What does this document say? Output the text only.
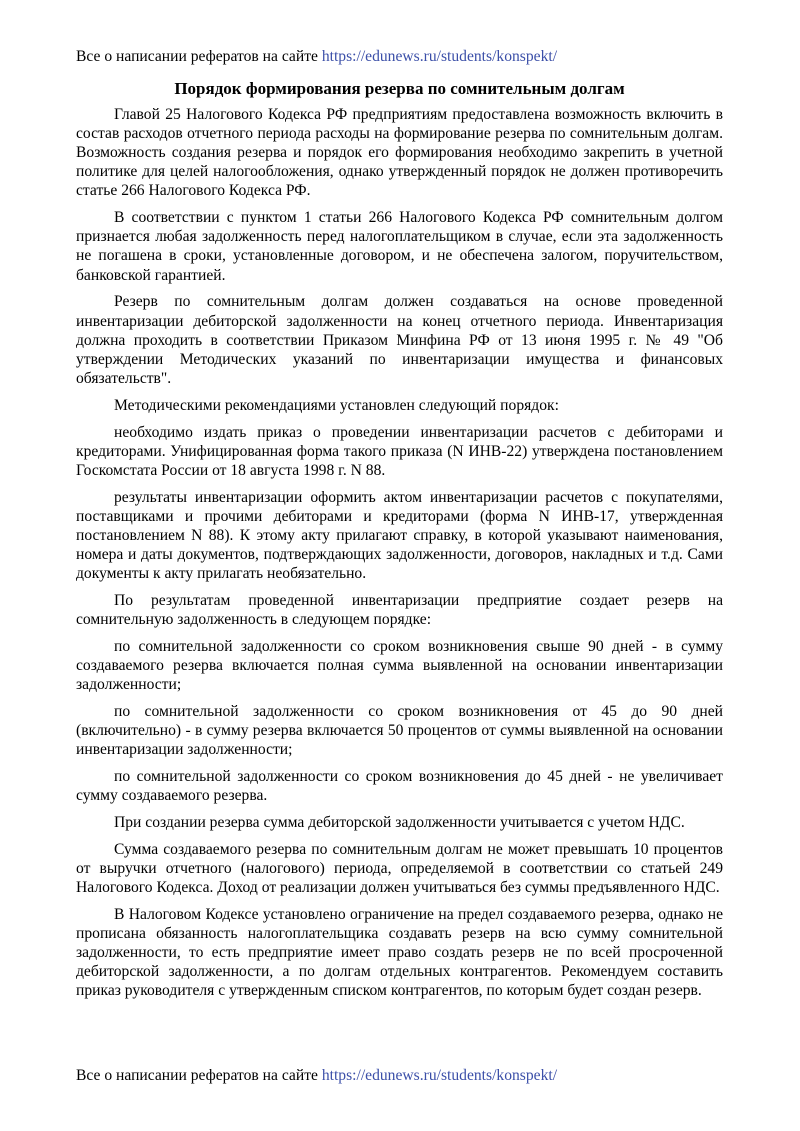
Все о написании рефератов на сайте https://edunews.ru/students/konspekt/
Порядок формирования резерва по сомнительным долгам

Главой 25 Налогового Кодекса РФ предприятиям предоставлена возможность включить в состав расходов отчетного периода расходы на формирование резерва по сомнительным долгам. Возможность создания резерва и порядок его формирования необходимо закрепить в учетной политике для целей налогообложения, однако утвержденный порядок не должен противоречить статье 266 Налогового Кодекса РФ.

В соответствии с пунктом 1 статьи 266 Налогового Кодекса РФ сомнительным долгом признается любая задолженность перед налогоплательщиком в случае, если эта задолженность не погашена в сроки, установленные договором, и не обеспечена залогом, поручительством, банковской гарантией.

Резерв по сомнительным долгам должен создаваться на основе проведенной инвентаризации дебиторской задолженности на конец отчетного периода. Инвентаризация должна проходить в соответствии Приказом Минфина РФ от 13 июня 1995 г. № 49 "Об утверждении Методических указаний по инвентаризации имущества и финансовых обязательств".

Методическими рекомендациями установлен следующий порядок:

необходимо издать приказ о проведении инвентаризации расчетов с дебиторами и кредиторами. Унифицированная форма такого приказа (N ИНВ-22) утверждена постановлением Госкомстата России от 18 августа 1998 г. N 88.

результаты инвентаризации оформить актом инвентаризации расчетов с покупателями, поставщиками и прочими дебиторами и кредиторами (форма N ИНВ-17, утвержденная постановлением N 88). К этому акту прилагают справку, в которой указывают наименования, номера и даты документов, подтверждающих задолженности, договоров, накладных и т.д. Сами документы к акту прилагать необязательно.

По результатам проведенной инвентаризации предприятие создает резерв на сомнительную задолженность в следующем порядке:

по сомнительной задолженности со сроком возникновения свыше 90 дней - в сумму создаваемого резерва включается полная сумма выявленной на основании инвентаризации задолженности;

по сомнительной задолженности со сроком возникновения от 45 до 90 дней (включительно) - в сумму резерва включается 50 процентов от суммы выявленной на основании инвентаризации задолженности;

по сомнительной задолженности со сроком возникновения до 45 дней - не увеличивает сумму создаваемого резерва.

При создании резерва сумма дебиторской задолженности учитывается с учетом НДС.

Сумма создаваемого резерва по сомнительным долгам не может превышать 10 процентов от выручки отчетного (налогового) периода, определяемой в соответствии со статьей 249 Налогового Кодекса. Доход от реализации должен учитываться без суммы предъявленного НДС.

В Налоговом Кодексе установлено ограничение на предел создаваемого резерва, однако не прописана обязанность налогоплательщика создавать резерв на всю сумму сомнительной задолженности, то есть предприятие имеет право создать резерв не по всей просроченной дебиторской задолженности, а по долгам отдельных контрагентов. Рекомендуем составить приказ руководителя с утвержденным списком контрагентов, по которым будет создан резерв.

Все о написании рефератов на сайте https://edunews.ru/students/konspekt/
